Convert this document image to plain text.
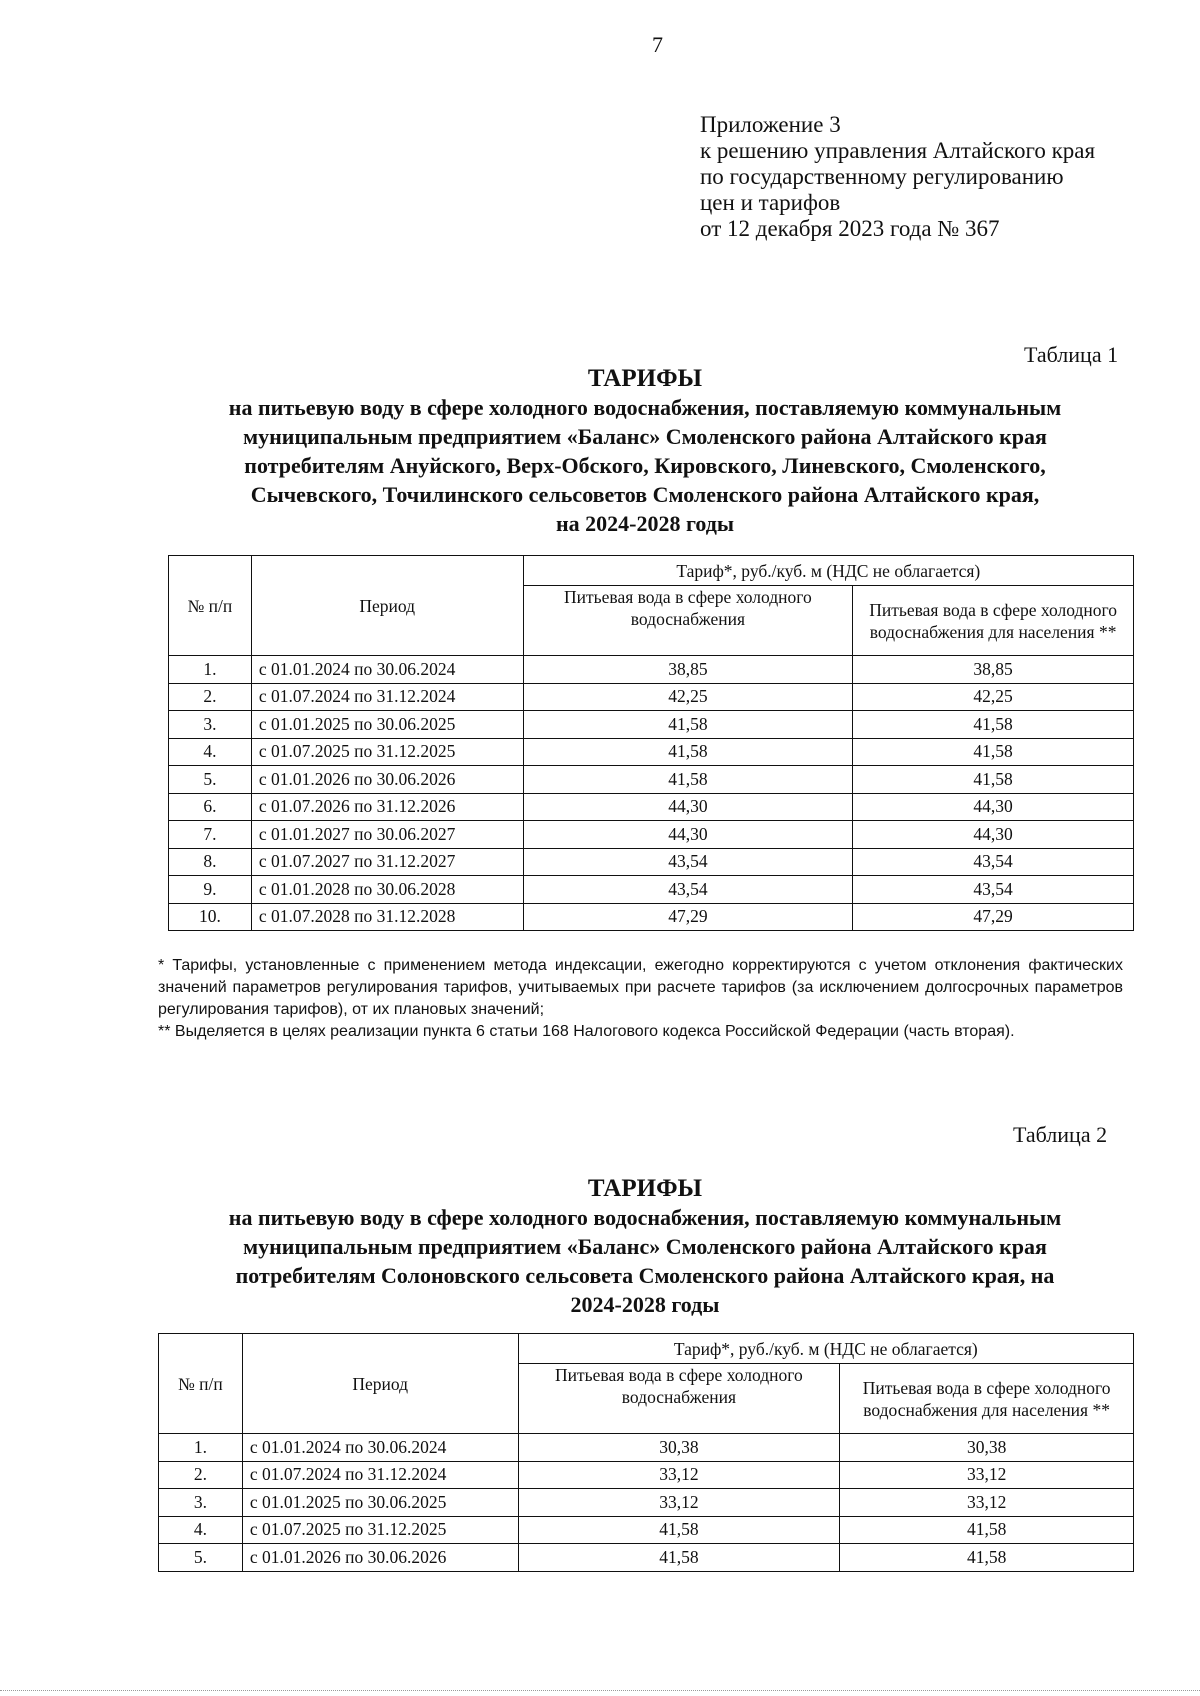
7
Приложение 3
к решению управления Алтайского края
по государственному регулированию
цен и тарифов
от 12 декабря 2023 года № 367
Таблица 1
ТАРИФЫ
на питьевую воду в сфере холодного водоснабжения, поставляемую коммунальным
муниципальным предприятием «Баланс» Смоленского района Алтайского края
потребителям Ануйского, Верх-Обского, Кировского, Линевского, Смоленского,
Сычевского, Точилинского сельсоветов Смоленского района Алтайского края,
на 2024-2028 годы
№ п/п	Период	Тариф*, руб./куб. м (НДС не облагается)	
		Питьевая вода в сфере холодного водоснабжения	Питьевая вода в сфере холодного водоснабжения для населения **
1.	с 01.01.2024 по 30.06.2024	38,85	38,85
2.	с 01.07.2024 по 31.12.2024	42,25	42,25
3.	с 01.01.2025 по 30.06.2025	41,58	41,58
4.	с 01.07.2025 по 31.12.2025	41,58	41,58
5.	с 01.01.2026 по 30.06.2026	41,58	41,58
6.	с 01.07.2026 по 31.12.2026	44,30	44,30
7.	с 01.01.2027 по 30.06.2027	44,30	44,30
8.	с 01.07.2027 по 31.12.2027	43,54	43,54
9.	с 01.01.2028 по 30.06.2028	43,54	43,54
10.	с 01.07.2028 по 31.12.2028	47,29	47,29

* Тарифы, установленные с применением метода индексации, ежегодно корректируются с учетом отклонения фактических значений параметров регулирования тарифов, учитываемых при расчете тарифов (за исключением долгосрочных параметров регулирования тарифов), от их плановых значений;

** Выделяется в целях реализации пункта 6 статьи 168 Налогового кодекса Российской Федерации (часть вторая).

Таблица 2
ТАРИФЫ
на питьевую воду в сфере холодного водоснабжения, поставляемую коммунальным
муниципальным предприятием «Баланс» Смоленского района Алтайского края
потребителям Солоновского сельсовета Смоленского района Алтайского края, на
2024-2028 годы
№ п/п	Период	Тариф*, руб./куб. м (НДС не облагается)	
		Питьевая вода в сфере холодного водоснабжения	Питьевая вода в сфере холодного водоснабжения для населения **
1.	с 01.01.2024 по 30.06.2024	30,38	30,38
2.	с 01.07.2024 по 31.12.2024	33,12	33,12
3.	с 01.01.2025 по 30.06.2025	33,12	33,12
4.	с 01.07.2025 по 31.12.2025	41,58	41,58
5.	с 01.01.2026 по 30.06.2026	41,58	41,58
